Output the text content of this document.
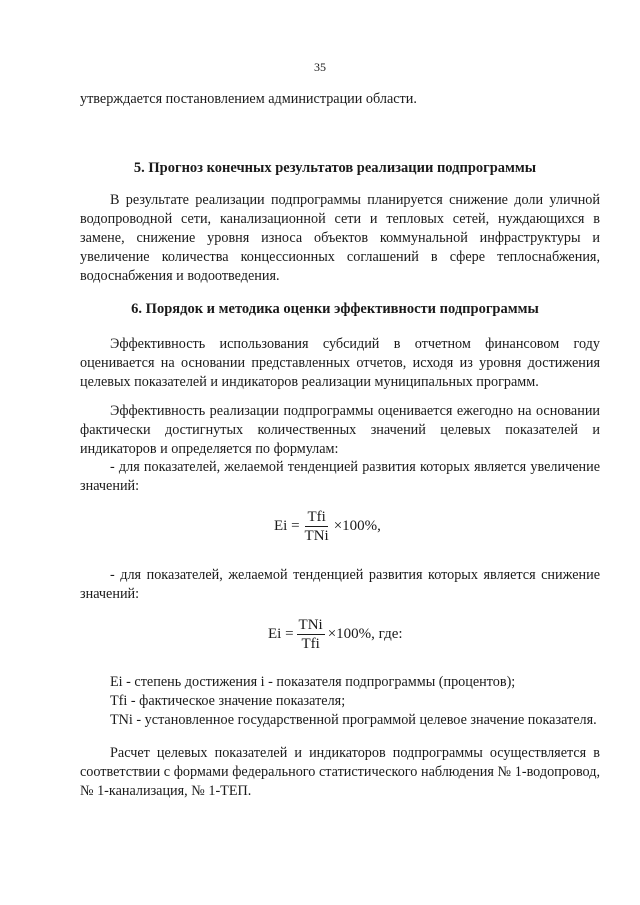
35
утверждается постановлением администрации области.
5. Прогноз конечных результатов реализации подпрограммы
В результате реализации подпрограммы планируется снижение доли уличной водопроводной сети, канализационной сети и тепловых сетей, нуждающихся в замене, снижение уровня износа объектов коммунальной инфраструктуры и увеличение количества концессионных соглашений в сфере теплоснабжения, водоснабжения и водоотведения.
6. Порядок и методика оценки эффективности подпрограммы
Эффективность использования субсидий в отчетном финансовом году оценивается на основании представленных отчетов, исходя из уровня достижения целевых показателей и индикаторов реализации муниципальных программ.
Эффективность реализации подпрограммы оценивается ежегодно на основании фактически достигнутых количественных значений целевых показателей и индикаторов и определяется по формулам:
- для показателей, желаемой тенденцией развития которых является увеличение значений:
$Ei = \frac{\text{Tfi}}{\text{TNi}} \times 100\%$,
- для показателей, желаемой тенденцией развития которых является снижение значений:
$Ei = \frac{\text{TNi}}{\text{Tfi}} \times 100\%$, где:
Ei - степень достижения i - показателя подпрограммы (процентов);
Tfi - фактическое значение показателя;
TNi - установленное государственной программой целевое значение показателя.
Расчет целевых показателей и индикаторов подпрограммы осуществляется в соответствии с формами федерального статистического наблюдения № 1-водопровод, № 1-канализация, № 1-ТЕП.
